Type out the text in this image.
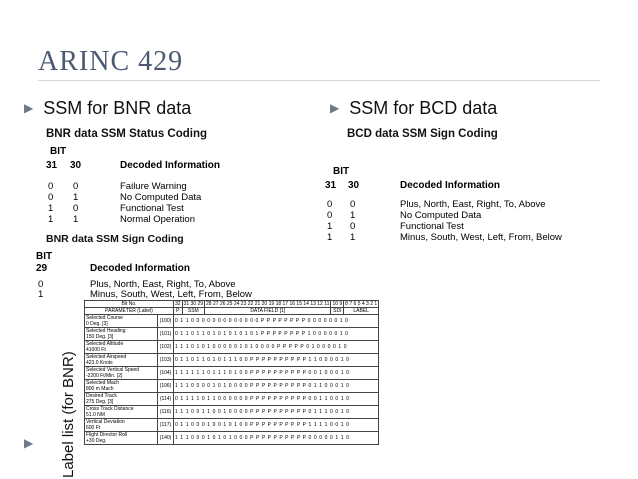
ARINC 429
▶ SSM for BNR data	▶ SSM for BCD data
BNR data SSM Status Coding
BIT
31 30	Decoded Information
0 0	Failure Warning
0 1	No Computed Data
1 0	Functional Test
1 1	Normal Operation
BNR data SSM Sign Coding
BIT
29	Decoded Information
0	Plus, North, East, Right, To, Above
1	Minus, South, West, Left, From, Below
BCD data SSM Sign Coding
BIT
31 30	Decoded Information
0 0	Plus, North, East, Right, To, Above
0 1	No Computed Data
1 0	Functional Test
1 1	Minus, South, West, Left, From, Below
Label list (for BNR)
Bit No.		32	31 30 29	28 27 26 25 24 23 22 21 20 19 18 17 16 15 14 13 12 11	10 9	8 7 6 5 4 3 2 1
PARAMETER (Label)		P	SSM	DATA FIELD [1]	SDI	LABEL
Selected Course
0 Deg. [3]	(100)	0 1 1 0 0 0 0 0 0 0 0 0 0 0 0 0 P P P P P P P P 0 0 0 0 0 0 1 0				
Selected Heading
150 Deg. [3]	(101)	0 1 1 0 1 1 0 1 0 1 0 1 0 1 0 1 P P P P P P P P 1 0 0 0 0 0 1 0				
Selected Altitude
41000 Ft	(102)	1 1 1 0 1 0 1 0 0 0 0 0 1 0 1 0 0 0 0 P P P P P 0 1 0 0 0 0 1 0				
Selected Airspeed
423.0 Knots	(103)	0 1 1 0 1 1 0 1 0 1 1 1 0 0 P P P P P P P P P P 1 1 0 0 0 0 1 0				
Selected Vertical Speed
-2200 Ft/Min. [2]	(104)	1 1 1 1 1 1 0 1 1 1 0 1 0 0 P P P P P P P P P P 0 0 1 0 0 0 1 0				
Selected Mach
800 m Mach	(106)	1 1 1 0 0 0 0 1 0 1 0 0 0 0 P P P P P P P P P P 0 1 1 0 0 0 1 0				
Desired Track
275 Deg. [3]	(114)	0 1 1 1 1 0 1 1 0 0 0 0 0 0 P P P P P P P P P P 0 0 1 1 0 0 1 0				
Cross Track Distance
51.0 NM	(116)	1 1 1 0 0 1 1 0 0 1 0 0 0 0 P P P P P P P P P P 0 1 1 1 0 0 1 0				
Vertical Deviation
600 Ft	(117)	0 1 1 0 0 0 1 0 0 1 0 1 0 0 P P P P P P P P P P 1 1 1 1 0 0 1 0				
Flight Director Roll
+30 Deg.	(140)	1 1 1 0 0 0 1 0 1 0 1 0 0 0 P P P P P P P P P P 0 0 0 0 0 1 1 0				
▶
